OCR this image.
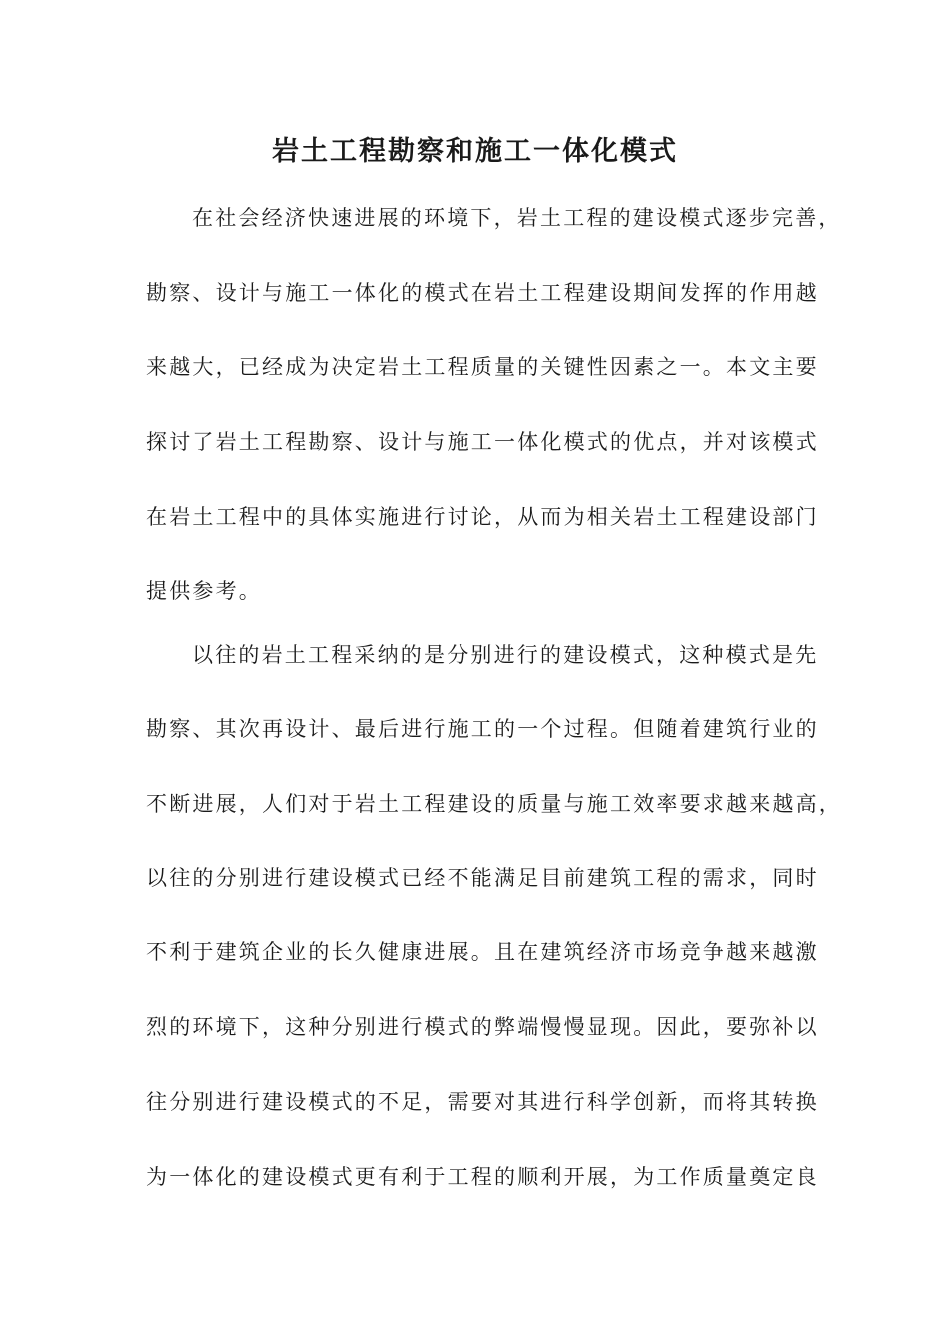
岩土工程勘察和施工一体化模式
在社会经济快速进展的环境下，岩土工程的建设模式逐步完善，
勘察、设计与施工一体化的模式在岩土工程建设期间发挥的作用越
来越大，已经成为决定岩土工程质量的关键性因素之一。本文主要
探讨了岩土工程勘察、设计与施工一体化模式的优点，并对该模式
在岩土工程中的具体实施进行讨论，从而为相关岩土工程建设部门
提供参考。
以往的岩土工程采纳的是分别进行的建设模式，这种模式是先
勘察、其次再设计、最后进行施工的一个过程。但随着建筑行业的
不断进展，人们对于岩土工程建设的质量与施工效率要求越来越高，
以往的分别进行建设模式已经不能满足目前建筑工程的需求，同时
不利于建筑企业的长久健康进展。且在建筑经济市场竞争越来越激
烈的环境下，这种分别进行模式的弊端慢慢显现。因此，要弥补以
往分别进行建设模式的不足，需要对其进行科学创新，而将其转换
为一体化的建设模式更有利于工程的顺利开展，为工作质量奠定良
